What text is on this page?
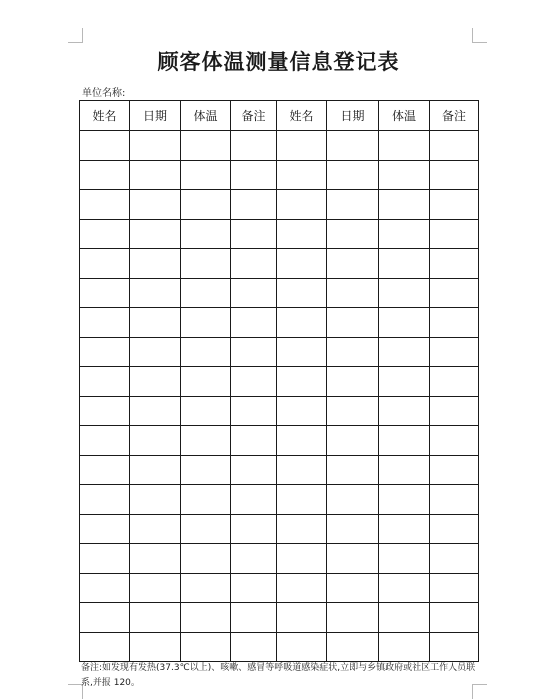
顾客体温测量信息登记表
单位名称:
姓名	日期	体温	备注	姓名	日期	体温	备注

备注:如发现有发热(37.3℃以上)、咳嗽、感冒等呼吸道感染症状,立即与乡镇政府或社区工作人员联系,并报 120。
